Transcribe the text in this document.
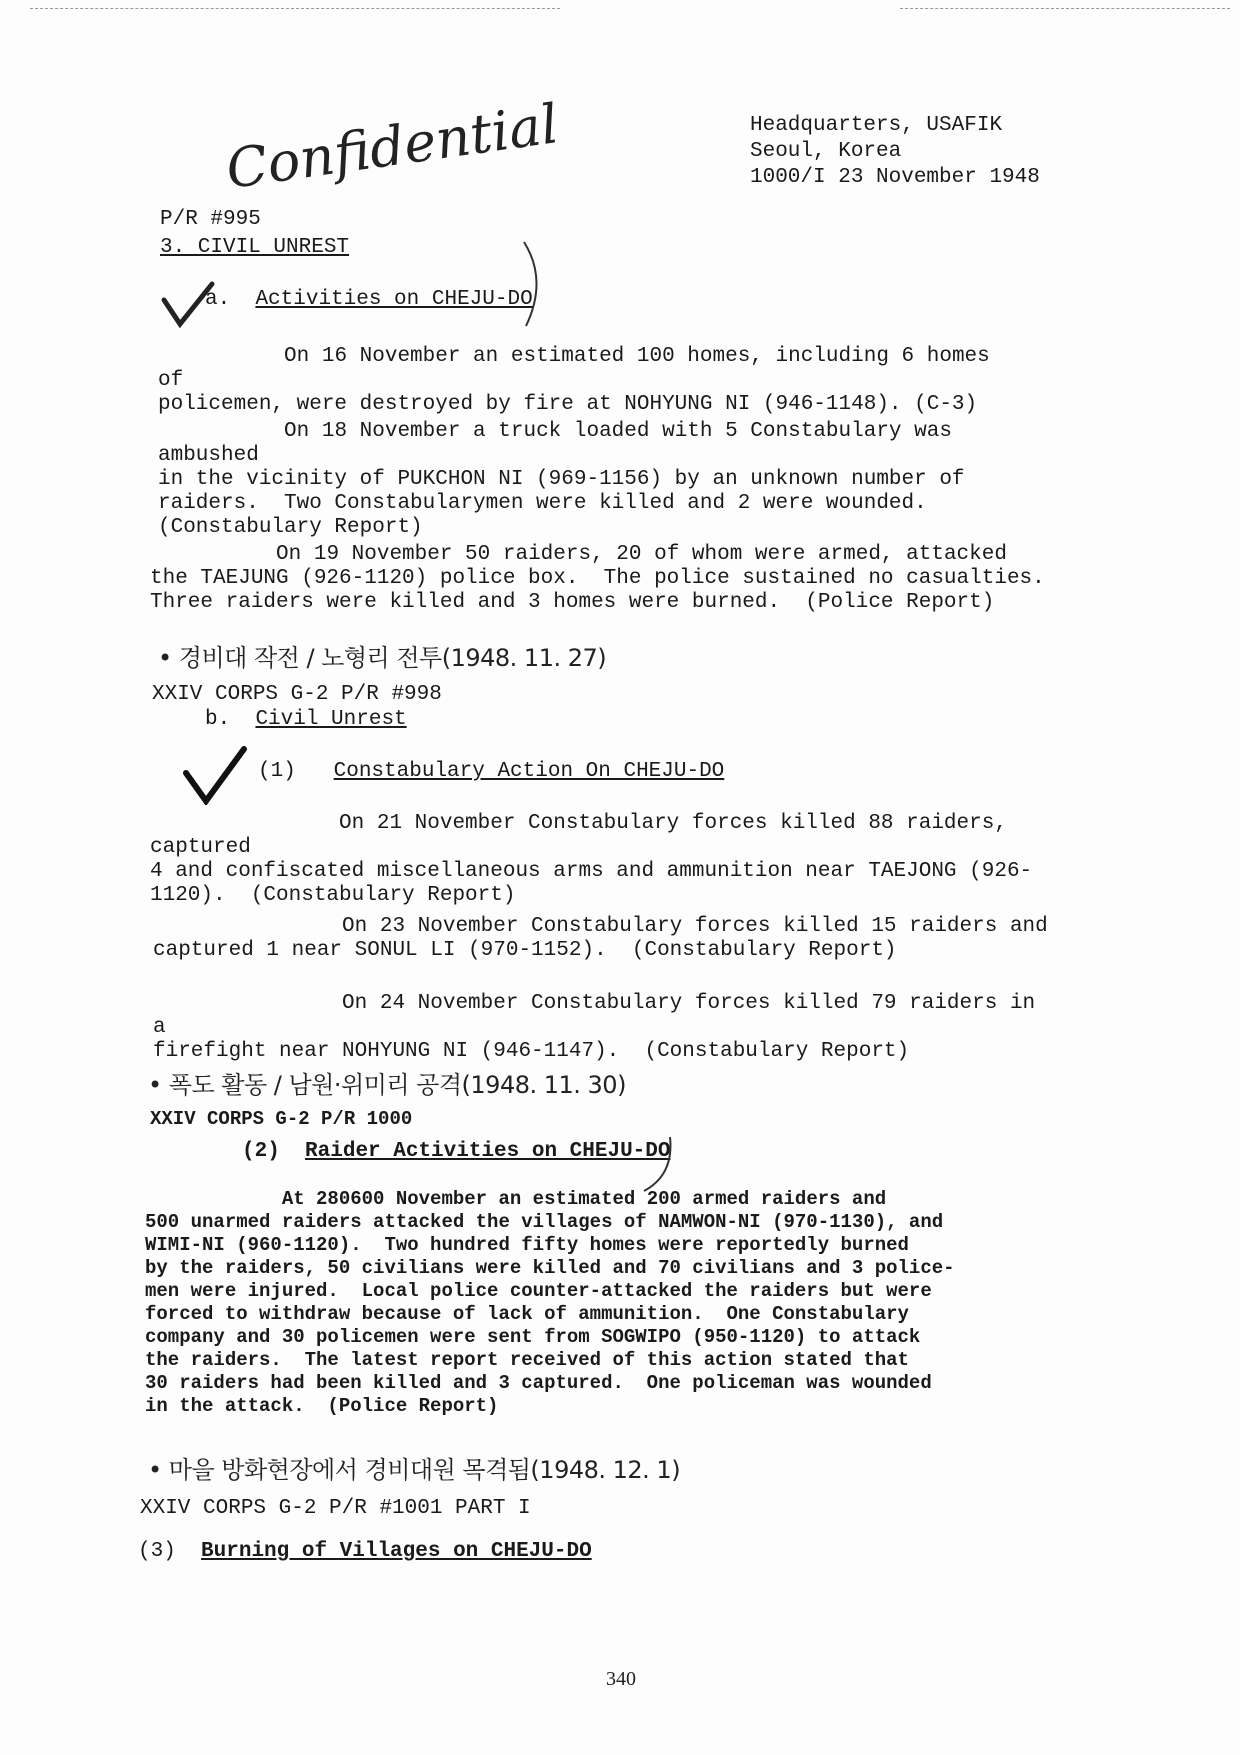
Confidential	Headquarters, USAFIK
Seoul, Korea
1000/I 23 November 1948
P/R #995
3. CIVIL UNREST
a. Activities on CHEJU-DO
On 16 November an estimated 100 homes, including 6 homes of
policemen, were destroyed by fire at NOHYUNG NI (946-1148). (C-3)
On 18 November a truck loaded with 5 Constabulary was ambushed
in the vicinity of PUKCHON NI (969-1156) by an unknown number of
raiders.  Two Constabularymen were killed and 2 were wounded.
(Constabulary Report)
On 19 November 50 raiders, 20 of whom were armed, attacked
the TAEJUNG (926-1120) police box.  The police sustained no casualties.
Three raiders were killed and 3 homes were burned.  (Police Report)
• 경비대 작전 / 노형리 전투(1948. 11. 27)
XXIV CORPS G-2 P/R #998
b. Civil Unrest
(1) Constabulary Action On CHEJU-DO
On 21 November Constabulary forces killed 88 raiders, captured
4 and confiscated miscellaneous arms and ammunition near TAEJONG (926-
1120).  (Constabulary Report)
On 23 November Constabulary forces killed 15 raiders and
captured 1 near SONUL LI (970-1152).  (Constabulary Report)
On 24 November Constabulary forces killed 79 raiders in a
firefight near NOHYUNG NI (946-1147).  (Constabulary Report)
• 폭도 활동 / 남원·위미리 공격(1948. 11. 30)
XXIV CORPS G-2 P/R 1000
(2) Raider Activities on CHEJU-DO
At 280600 November an estimated 200 armed raiders and
500 unarmed raiders attacked the villages of NAMWON-NI (970-1130), and
WIMI-NI (960-1120).  Two hundred fifty homes were reportedly burned
by the raiders, 50 civilians were killed and 70 civilians and 3 police-
men were injured.  Local police counter-attacked the raiders but were
forced to withdraw because of lack of ammunition.  One Constabulary
company and 30 policemen were sent from SOGWIPO (950-1120) to attack
the raiders.  The latest report received of this action stated that
30 raiders had been killed and 3 captured.  One policeman was wounded
in the attack.  (Police Report)
• 마을 방화현장에서 경비대원 목격됨(1948. 12. 1)
XXIV CORPS G-2 P/R #1001 PART I
(3) Burning of Villages on CHEJU-DO
340
